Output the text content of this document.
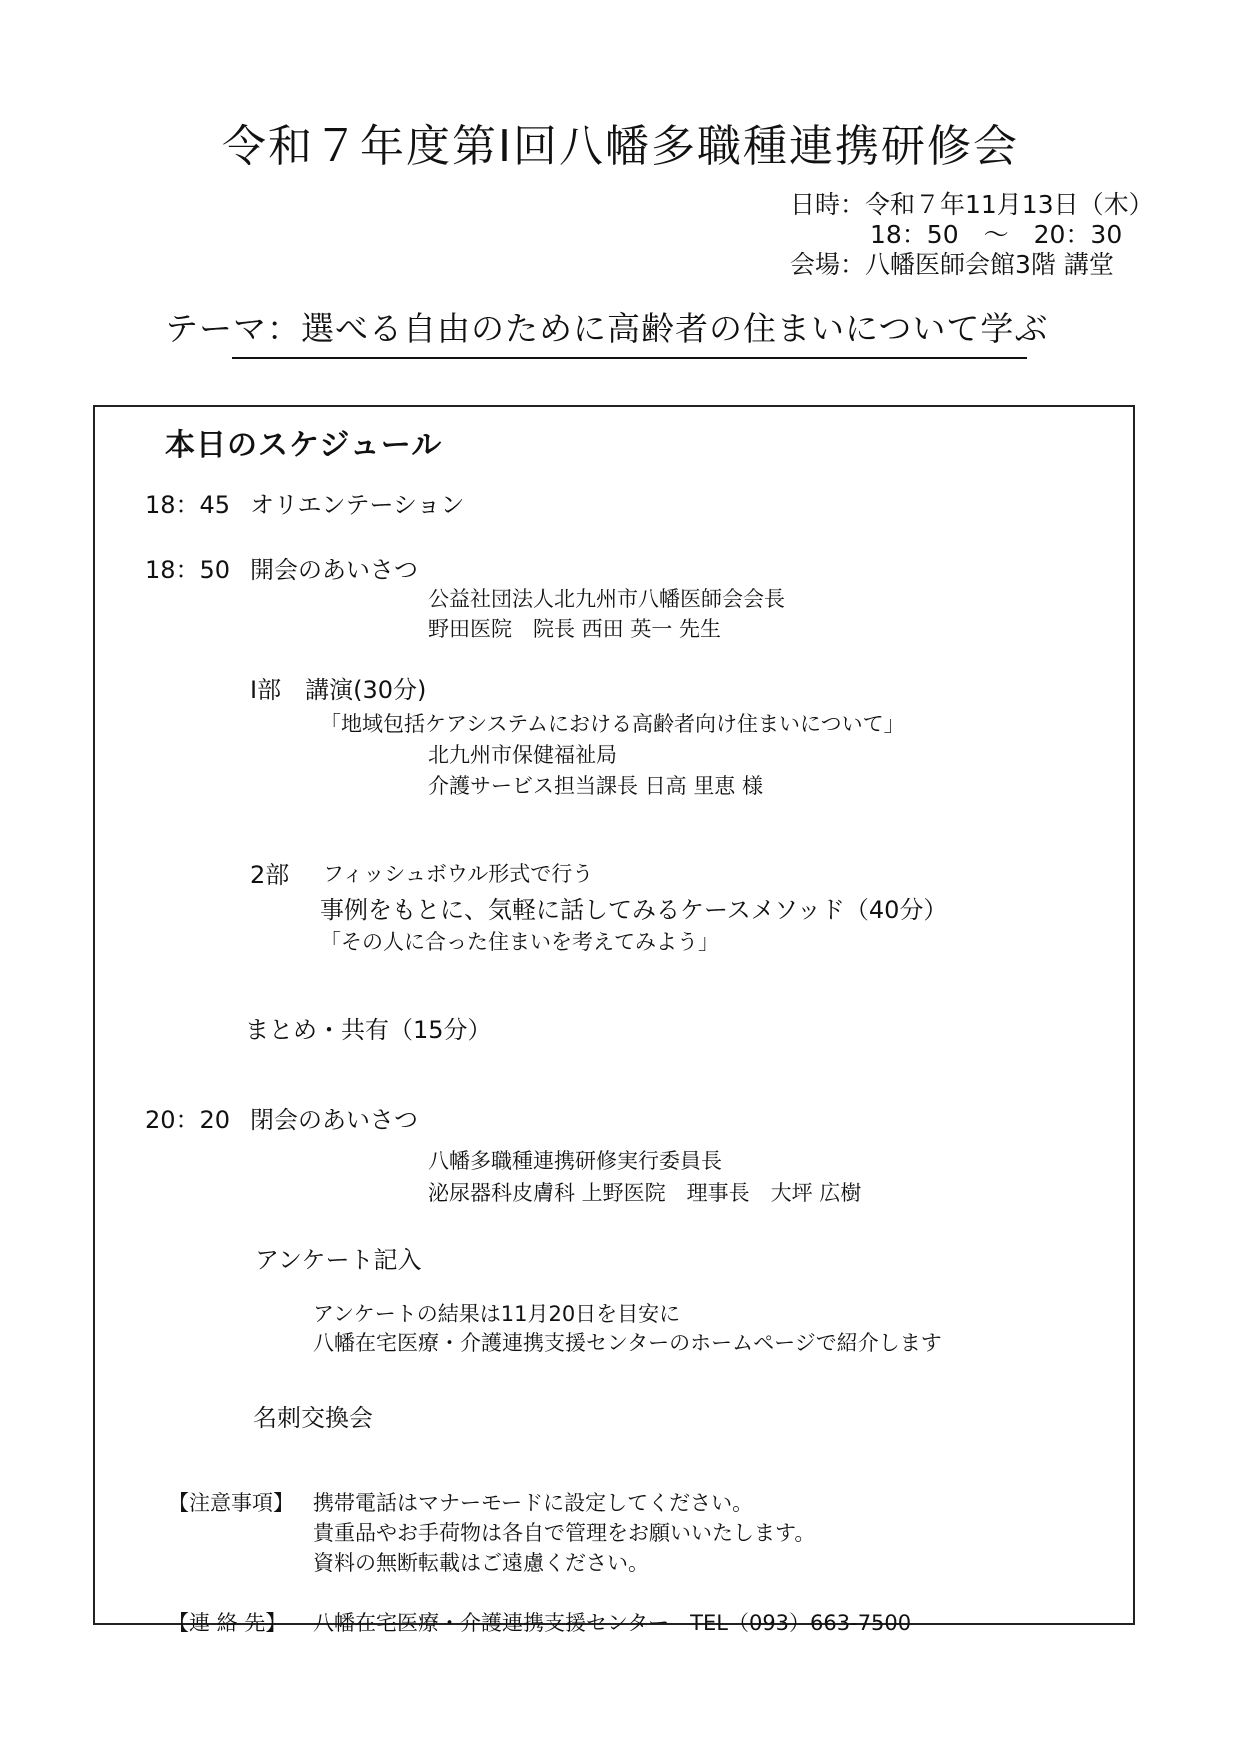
令和７年度第Ⅰ回八幡多職種連携研修会
日時：令和７年11月13日（木）
18：50　～　20：30
会場：八幡医師会館3階 講堂
テーマ：選べる自由のために高齢者の住まいについて学ぶ
本日のスケジュール
18：45 オリエンテーション
18：50 開会のあいさつ
公益社団法人北九州市八幡医師会会長
野田医院　院長 西田 英一 先生
Ⅰ部　講演(30分)
「地域包括ケアシステムにおける高齢者向け住まいについて」
北九州市保健福祉局
介護サービス担当課長 日高 里恵 様
2部 フィッシュボウル形式で行う
事例をもとに、気軽に話してみるケースメソッド（40分）
「その人に合った住まいを考えてみよう」
まとめ・共有（15分）
20：20 閉会のあいさつ
八幡多職種連携研修実行委員長
泌尿器科皮膚科 上野医院　理事長　大坪 広樹
アンケート記入
アンケートの結果は11月20日を目安に
八幡在宅医療・介護連携支援センターのホームページで紹介します
名刺交換会
【注意事項】 携帯電話はマナーモードに設定してください。
貴重品やお手荷物は各自で管理をお願いいたします。
資料の無断転載はご遠慮ください。
【連 絡 先】 八幡在宅医療・介護連携支援センター　TEL（093）663-7500
